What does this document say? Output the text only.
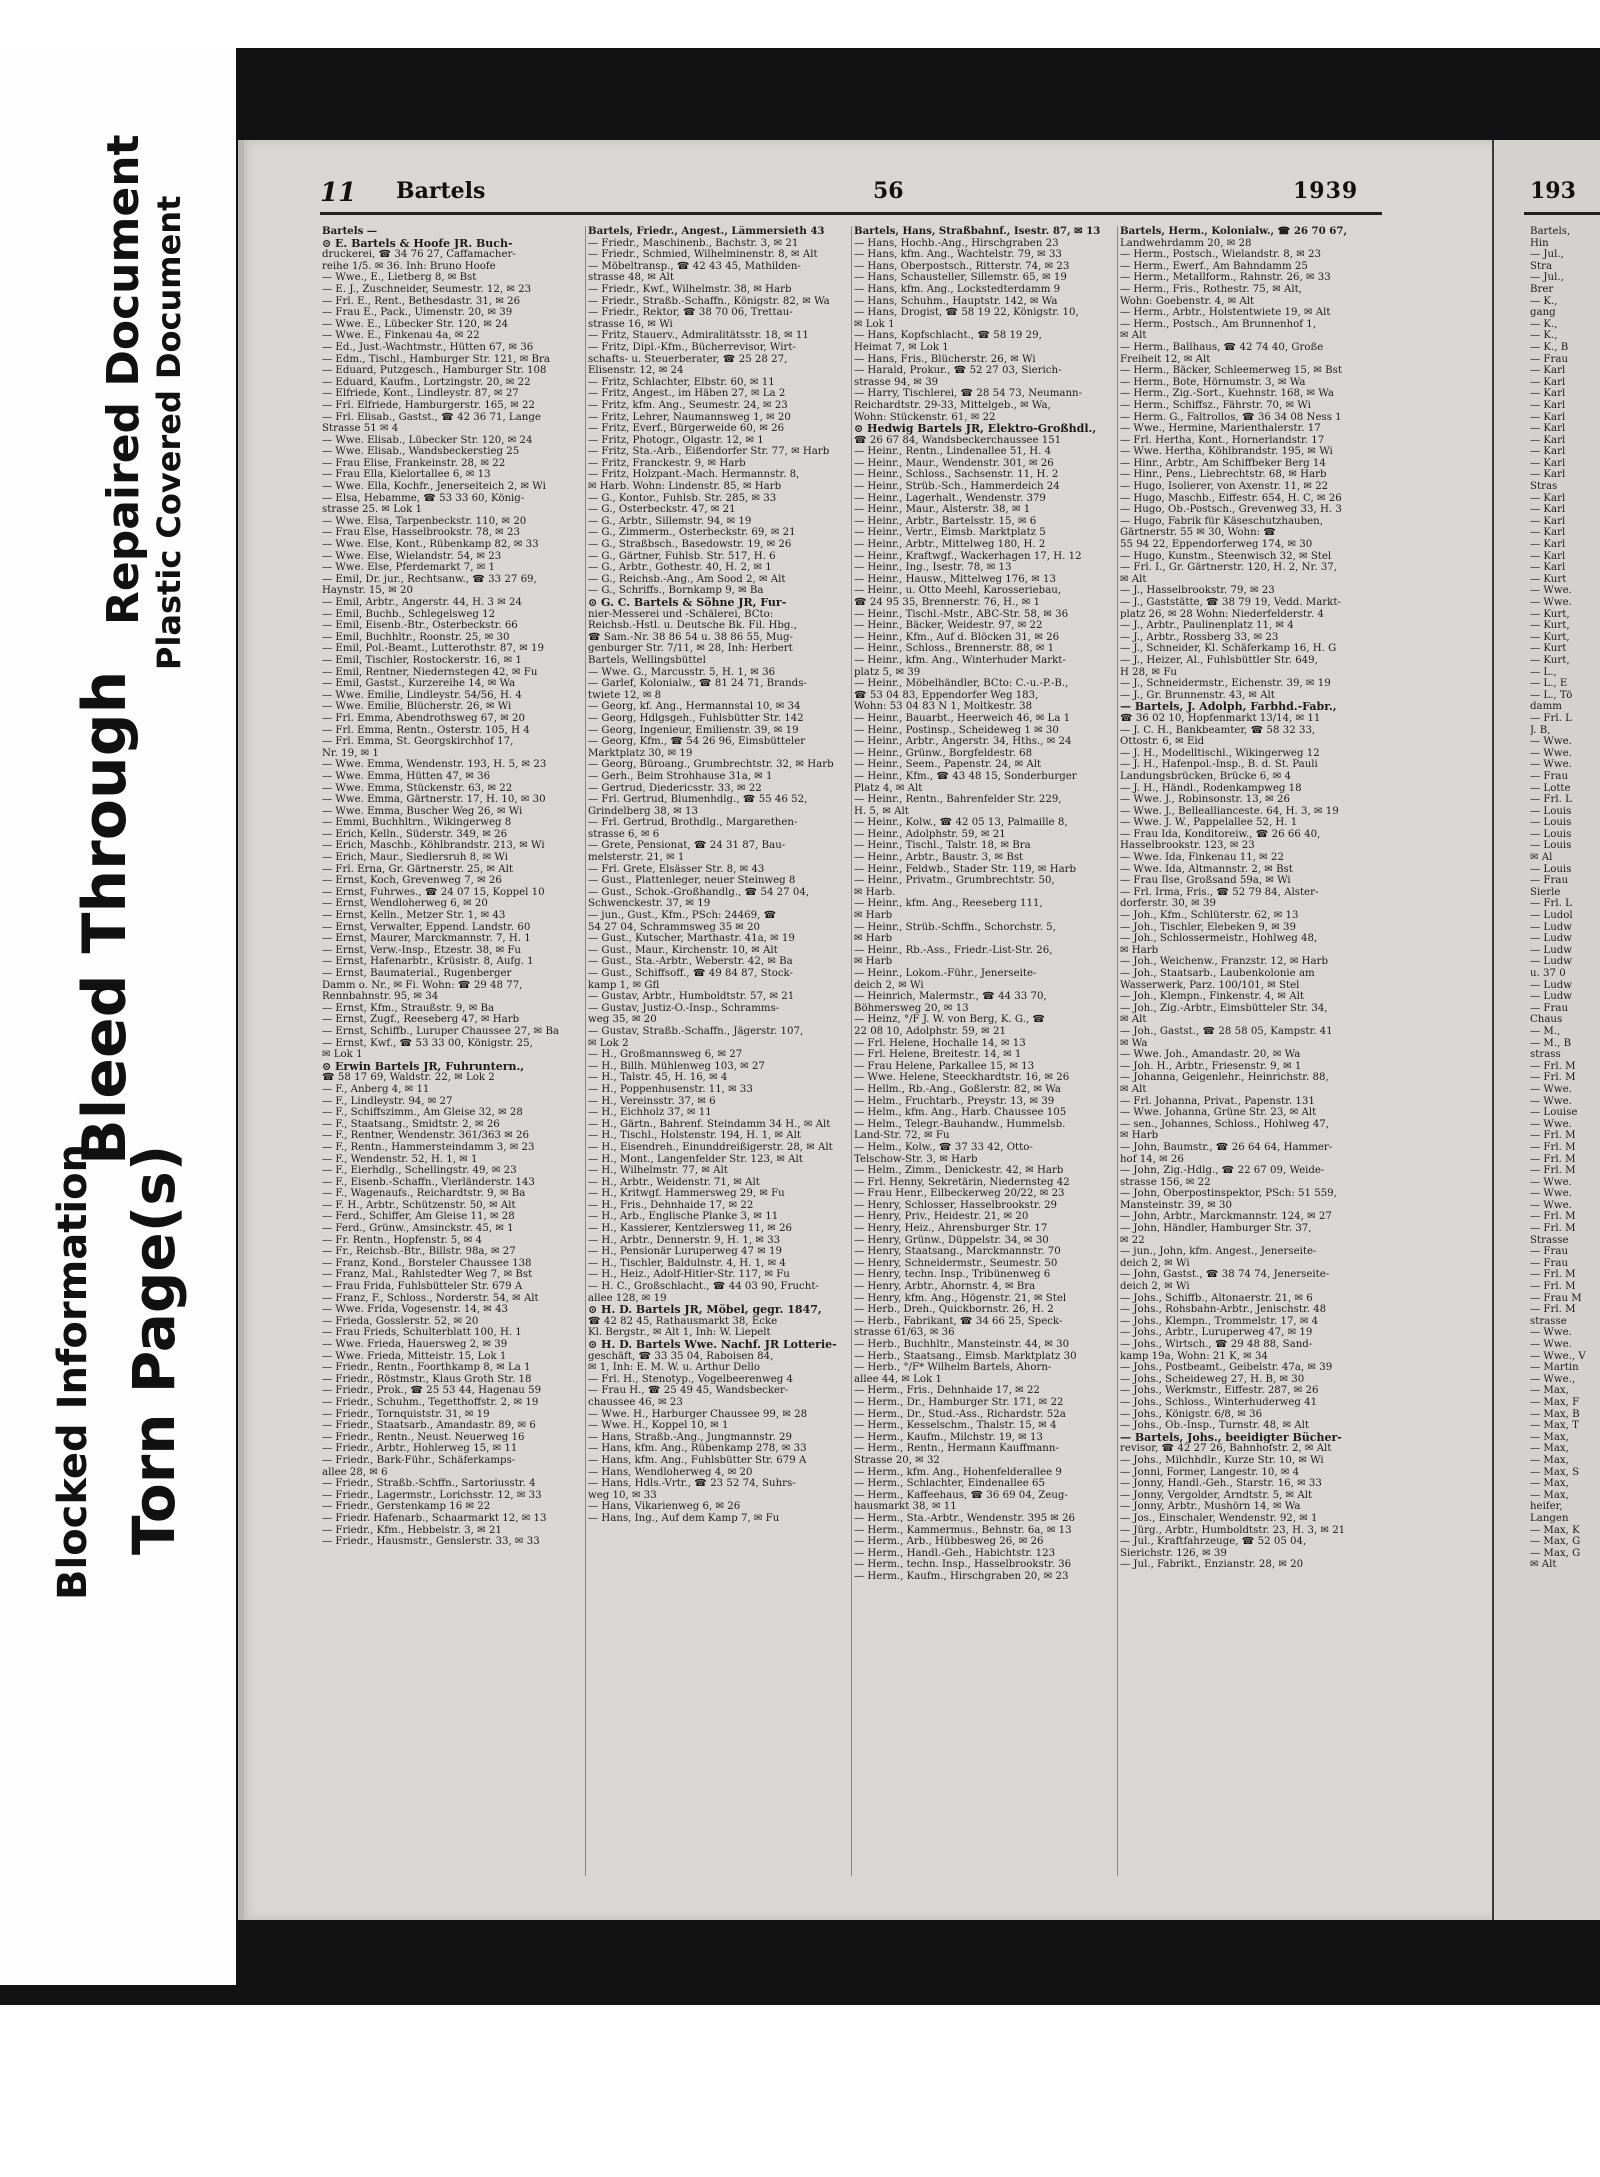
Blocked Information Torn Page(s)
Bleed Through
Repaired Document Plastic Covered Document
11 Bartels	56	1939
Bartels —
⊙ E. Bartels & Hoofe JR. Buch-
druckerei, ☎ 34 76 27, Caffamacher-
reihe 1/5. ✉ 36. Inh: Bruno Hoofe
— Wwe., E., Lietberg 8, ✉ Bst
— E. J., Zuschneider, Seumestr. 12, ✉ 23
— Frl. E., Rent., Bethesdastr. 31, ✉ 26
— Frau E., Pack., Uimenstr. 20, ✉ 39
— Wwe. E., Lübecker Str. 120, ✉ 24
— Wwe. E., Finkenau 4a, ✉ 22
— Ed., Just.-Wachtmstr., Hütten 67, ✉ 36
— Edm., Tischl., Hamburger Str. 121, ✉ Bra
— Eduard, Putzgesch., Hamburger Str. 108
— Eduard, Kaufm., Lortzingstr. 20, ✉ 22
— Elfriede, Kont., Lindleystr. 87, ✉ 27
— Frl. Elfriede, Hamburgerstr. 165, ✉ 22
— Frl. Elisab., Gastst., ☎ 42 36 71, Lange
Strasse 51 ✉ 4
— Wwe. Elisab., Lübecker Str. 120, ✉ 24
— Wwe. Elisab., Wandsbeckerstieg 25
— Frau Elise, Frankeinstr. 28, ✉ 22
— Frau Ella, Kielortallee 6, ✉ 13
— Wwe. Ella, Kochfr., Jenerseiteich 2, ✉ Wi
— Elsa, Hebamme, ☎ 53 33 60, König-
strasse 25. ✉ Lok 1
— Wwe. Elsa, Tarpenbeckstr. 110, ✉ 20
— Frau Else, Hasselbrookstr. 78, ✉ 23
— Wwe. Else, Kont., Rübenkamp 82, ✉ 33
— Wwe. Else, Wielandstr. 54, ✉ 23
— Wwe. Else, Pferdemarkt 7, ✉ 1
— Emil, Dr. jur., Rechtsanw., ☎ 33 27 69,
Haynstr. 15, ✉ 20
— Emil, Arbtr., Angerstr. 44, H. 3 ✉ 24
— Emil, Buchb., Schlegelsweg 12
— Emil, Eisenb.-Btr., Osterbeckstr. 66
— Emil, Buchhltr., Roonstr. 25, ✉ 30
— Emil, Pol.-Beamt., Lutterothstr. 87, ✉ 19
— Emil, Tischler, Rostockerstr. 16, ✉ 1
— Emil, Rentner, Niedernstegen 42, ✉ Fu
— Emil, Gastst., Kurzereihe 14, ✉ Wa
— Wwe. Emilie, Lindleystr. 54/56, H. 4
— Wwe. Emilie, Blücherstr. 26, ✉ Wi
— Frl. Emma, Abendrothsweg 67, ✉ 20
— Frl. Emma, Rentn., Osterstr. 105, H 4
— Frl. Emma, St. Georgskirchhof 17,
Nr. 19, ✉ 1
— Wwe. Emma, Wendenstr. 193, H. 5, ✉ 23
— Wwe. Emma, Hütten 47, ✉ 36
— Wwe. Emma, Stückenstr. 63, ✉ 22
— Wwe. Emma, Gärtnerstr. 17, H. 10, ✉ 30
— Wwe. Emma, Buscher Weg 26, ✉ Wi
— Emmi, Buchhltrn., Wikingerweg 8
— Erich, Kelln., Süderstr. 349, ✉ 26
— Erich, Maschb., Köhlbrandstr. 213, ✉ Wi
— Erich, Maur., Siedlersruh 8, ✉ Wi
— Frl. Erna, Gr. Gärtnerstr. 25, ✉ Alt
— Ernst, Koch, Grevenweg 7, ✉ 26
— Ernst, Fuhrwes., ☎ 24 07 15, Koppel 10
— Ernst, Wendloherweg 6, ✉ 20
— Ernst, Kelln., Metzer Str. 1, ✉ 43
— Ernst, Verwalter, Eppend. Landstr. 60
— Ernst, Maurer, Marckmannstr. 7, H. 1
— Ernst, Verw.-Insp., Etzestr. 38, ✉ Fu
— Ernst, Hafenarbtr., Krüsistr. 8, Aufg. 1
— Ernst, Baumaterial., Rugenberger
Damm o. Nr., ✉ Fi. Wohn: ☎ 29 48 77,
Rennbahnstr. 95, ✉ 34
— Ernst, Kfm., Straußstr. 9, ✉ Ba
— Ernst, Zugf., Reeseberg 47, ✉ Harb
— Ernst, Schiffb., Luruper Chaussee 27, ✉ Ba
— Ernst, Kwf., ☎ 53 33 00, Königstr. 25,
✉ Lok 1
⊙ Erwin Bartels JR, Fuhruntern.,
☎ 58 17 69, Waldstr. 22, ✉ Lok 2
— F., Anberg 4, ✉ 11
— F., Lindleystr. 94, ✉ 27
— F., Schiffszimm., Am Gleise 32, ✉ 28
— F., Staatsang., Smidtstr. 2, ✉ 26
— F., Rentner, Wendenstr. 361/363 ✉ 26
— F., Rentn., Hammersteindamm 3, ✉ 23
— F., Wendenstr. 52, H. 1, ✉ 1
— F., Eierhdlg., Schellingstr. 49, ✉ 23
— F., Eisenb.-Schaffn., Vierländerstr. 143
— F., Wagenaufs., Reichardtstr. 9, ✉ Ba
— F. H., Arbtr., Schützenstr. 50, ✉ Alt
— Ferd., Schiffer, Am Gleise 11, ✉ 28
— Ferd., Grünw., Amsinckstr. 45, ✉ 1
— Fr. Rentn., Hopfenstr. 5, ✉ 4
— Fr., Reichsb.-Btr., Billstr. 98a, ✉ 27
— Franz, Kond., Borsteler Chaussee 138
— Franz, Mal., Rahlstedter Weg 7, ✉ Bst
— Frau Frida, Fuhlsbütteler Str. 679 A
— Franz, F., Schloss., Norderstr. 54, ✉ Alt
— Wwe. Frida, Vogesenstr. 14, ✉ 43
— Frieda, Gosslerstr. 52, ✉ 20
— Frau Frieds, Schulterblatt 100, H. 1
— Wwe. Frieda, Hauersweg 2, ✉ 39
— Wwe. Frieda, Mitteistr. 15, Lok 1
— Friedr., Rentn., Foorthkamp 8, ✉ La 1
— Friedr., Röstmstr., Klaus Groth Str. 18
— Friedr., Prok., ☎ 25 53 44, Hagenau 59
— Friedr., Schuhm., Tegetthoffstr. 2, ✉ 19
— Friedr., Tornquiststr. 31, ✉ 19
— Friedr., Staatsarb., Amandastr. 89, ✉ 6
— Friedr., Rentn., Neust. Neuerweg 16
— Friedr., Arbtr., Hohlerweg 15, ✉ 11
— Friedr., Bark-Führ., Schäferkamps-
allee 28, ✉ 6
— Friedr., Straßb.-Schffn., Sartoriusstr. 4
— Friedr., Lagermstr., Lorichsstr. 12, ✉ 33
— Friedr., Gerstenkamp 16 ✉ 22
— Friedr. Hafenarb., Schaarmarkt 12, ✉ 13
— Friedr., Kfm., Hebbelstr. 3, ✉ 21
— Friedr., Hausmstr., Genslerstr. 33, ✉ 33
Bartels, Friedr., Angest., Lämmersieth 43
— Friedr., Maschinenb., Bachstr. 3, ✉ 21
— Friedr., Schmied, Wilhelminenstr. 8, ✉ Alt
— Möbeltransp., ☎ 42 43 45, Mathilden-
strasse 48, ✉ Alt
— Friedr., Kwf., Wilhelmstr. 38, ✉ Harb
— Friedr., Straßb.-Schaffn., Königstr. 82, ✉ Wa
— Friedr., Rektor, ☎ 38 70 06, Trettau-
strasse 16, ✉ Wi
— Fritz, Stauerv., Admiralitätsstr. 18, ✉ 11
— Fritz, Dipl.-Kfm., Bücherrevisor, Wirt-
schafts- u. Steuerberater, ☎ 25 28 27,
Elisenstr. 12, ✉ 24
— Fritz, Schlachter, Elbstr. 60, ✉ 11
— Fritz, Angest., im Häben 27, ✉ La 2
— Fritz, kfm. Ang., Seumestr. 24, ✉ 23
— Fritz, Lehrer, Naumannsweg 1, ✉ 20
— Fritz, Everf., Bürgerweide 60, ✉ 26
— Fritz, Photogr., Olgastr. 12, ✉ 1
— Fritz, Sta.-Arb., Eißendorfer Str. 77, ✉ Harb
— Fritz, Franckestr. 9, ✉ Harb
— Fritz, Holzpant.-Mach. Hermannstr. 8,
✉ Harb. Wohn: Lindenstr. 85, ✉ Harb
— G., Kontor., Fuhlsb. Str. 285, ✉ 33
— G., Osterbeckstr. 47, ✉ 21
— G., Arbtr., Sillemstr. 94, ✉ 19
— G., Zimmerm., Osterbeckstr. 69, ✉ 21
— G., Straßbsch., Basedowstr. 19, ✉ 26
— G., Gärtner, Fuhlsb. Str. 517, H. 6
— G., Arbtr., Gothestr. 40, H. 2, ✉ 1
— G., Reichsb.-Ang., Am Sood 2, ✉ Alt
— G., Schriffs., Bornkamp 9, ✉ Ba
⊙ G. C. Bartels & Söhne JR, Fur-
nier-Messerei und -Schälerei, BCto:
Reichsb.-Hstl. u. Deutsche Bk. Fil. Hbg.,
☎ Sam.-Nr. 38 86 54 u. 38 86 55, Mug-
genburger Str. 7/11, ✉ 28, Inh: Herbert
Bartels, Wellingsbüttel
— Wwe. G., Marcusstr. 5, H. 1, ✉ 36
— Garlef, Kolonialw., ☎ 81 24 71, Brands-
twiete 12, ✉ 8
— Georg, kf. Ang., Hermannstal 10, ✉ 34
— Georg, Hdlgsgeh., Fuhlsbütter Str. 142
— Georg, Ingenieur, Emilienstr. 39, ✉ 19
— Georg, Kfm., ☎ 54 26 96, Eimsbütteler
Marktplatz 30, ✉ 19
— Georg, Büroang., Grumbrechtstr. 32, ✉ Harb
— Gerh., Beim Strohhause 31a, ✉ 1
— Gertrud, Diedericsstr. 33, ✉ 22
— Frl. Gertrud, Blumenhdlg., ☎ 55 46 52,
Grindelberg 38, ✉ 13
— Frl. Gertrud, Brothdlg., Margarethen-
strasse 6, ✉ 6
— Grete, Pensionat, ☎ 24 31 87, Bau-
melsterstr. 21, ✉ 1
— Frl. Grete, Elsässer Str. 8, ✉ 43
— Gust., Plattenleger, neuer Steinweg 8
— Gust., Schok.-Großhandlg., ☎ 54 27 04,
Schwenckestr. 37, ✉ 19
— jun., Gust., Kfm., PSch: 24469, ☎
54 27 04, Schrammsweg 35 ✉ 20
— Gust., Kutscher, Marthastr. 41a, ✉ 19
— Gust., Maur., Kirchenstr. 10, ✉ Alt
— Gust., Sta.-Arbtr., Weberstr. 42, ✉ Ba
— Gust., Schiffsoff., ☎ 49 84 87, Stock-
kamp 1, ✉ Gfl
— Gustav, Arbtr., Humboldtstr. 57, ✉ 21
— Gustav, Justiz-O.-Insp., Schramms-
weg 35, ✉ 20
— Gustav, Straßb.-Schaffn., Jägerstr. 107,
✉ Lok 2
— H., Großmannsweg 6, ✉ 27
— H., Billh. Mühlenweg 103, ✉ 27
— H., Talstr. 45, H. 16, ✉ 4
— H., Poppenhusenstr. 11, ✉ 33
— H., Vereinsstr. 37, ✉ 6
— H., Eichholz 37, ✉ 11
— H., Gärtn., Bahrenf. Steindamm 34 H., ✉ Alt
— H., Tischl., Holstenstr. 194, H. 1, ✉ Alt
— H., Eisendreh., Einunddreißigerstr. 28, ✉ Alt
— H., Mont., Langenfelder Str. 123, ✉ Alt
— H., Wilhelmstr. 77, ✉ Alt
— H., Arbtr., Weidenstr. 71, ✉ Alt
— H., Kritwgf. Hammersweg 29, ✉ Fu
— H., Fris., Dehnhaide 17, ✉ 22
— H., Arb., Englische Planke 3, ✉ 11
— H., Kassierer, Kentzlersweg 11, ✉ 26
— H., Arbtr., Dennerstr. 9, H. 1, ✉ 33
— H., Pensionär Luruperweg 47 ✉ 19
— H., Tischler, Baldulnstr. 4, H. 1, ✉ 4
— H., Heiz., Adolf-Hitler-Str. 117, ✉ Fu
— H. C., Großschlacht., ☎ 44 03 90, Frucht-
allee 128, ✉ 19
⊙ H. D. Bartels JR, Möbel, gegr. 1847,
☎ 42 82 45, Rathausmarkt 38, Ecke
Kl. Bergstr., ✉ Alt 1, Inh: W. Liepelt
⊙ H. D. Bartels Wwe. Nachf. JR Lotterie-
geschäft, ☎ 33 35 04, Raboisen 84,
✉ 1, Inh: E. M. W. u. Arthur Dello
— Frl. H., Stenotyp., Vogelbeerenweg 4
— Frau H., ☎ 25 49 45, Wandsbecker-
chaussee 46, ✉ 23
— Wwe. H., Harburger Chaussee 99, ✉ 28
— Wwe. H., Koppel 10, ✉ 1
— Hans, Straßb.-Ang., Jungmannstr. 29
— Hans, kfm. Ang., Rübenkamp 278, ✉ 33
— Hans, kfm. Ang., Fuhlsbütter Str. 679 A
— Hans, Wendloherweg 4, ✉ 20
— Hans, Hdls.-Vrtr., ☎ 23 52 74, Suhrs-
weg 10, ✉ 33
— Hans, Vikarienweg 6, ✉ 26
— Hans, Ing., Auf dem Kamp 7, ✉ Fu
Bartels, Hans, Straßbahnf., Isestr. 87, ✉ 13
— Hans, Hochb.-Ang., Hirschgraben 23
— Hans, kfm. Ang., Wachtelstr. 79, ✉ 33
— Hans, Oberpostsch., Ritterstr. 74, ✉ 23
— Hans, Schausteller, Sillemstr. 65, ✉ 19
— Hans, kfm. Ang., Lockstedterdamm 9
— Hans, Schuhm., Hauptstr. 142, ✉ Wa
— Hans, Drogist, ☎ 58 19 22, Königstr. 10,
✉ Lok 1
— Hans, Kopfschlacht., ☎ 58 19 29,
Heimat 7, ✉ Lok 1
— Hans, Fris., Blücherstr. 26, ✉ Wi
— Harald, Prokur., ☎ 52 27 03, Sierich-
strasse 94, ✉ 39
— Harry, Tischlerei, ☎ 28 54 73, Neumann-
Reichardtstr. 29-33, Mittelgeb., ✉ Wa,
Wohn: Stückenstr. 61, ✉ 22
⊙ Hedwig Bartels JR, Elektro-Großhdl.,
☎ 26 67 84, Wandsbeckerchaussee 151
— Heinr., Rentn., Lindenallee 51, H. 4
— Heinr., Maur., Wendenstr. 301, ✉ 26
— Heinr., Schloss., Sachsenstr. 11, H. 2
— Heinr., Strüb.-Sch., Hammerdeich 24
— Heinr., Lagerhalt., Wendenstr. 379
— Heinr., Maur., Alsterstr. 38, ✉ 1
— Heinr., Arbtr., Bartelsstr. 15, ✉ 6
— Heinr., Vertr., Eimsb. Marktplatz 5
— Heinr., Arbtr., Mittelweg 180, H. 2
— Heinr., Kraftwgf., Wackerhagen 17, H. 12
— Heinr., Ing., Isestr. 78, ✉ 13
— Heinr., Hausw., Mittelweg 176, ✉ 13
— Heinr., u. Otto Meehl, Karosseriebau,
☎ 24 95 35, Brennerstr. 76, H., ✉ 1
— Heinr., Tischl.-Mstr., ABC-Str. 58, ✉ 36
— Heinr., Bäcker, Weidestr. 97, ✉ 22
— Heinr., Kfm., Auf d. Blöcken 31, ✉ 26
— Heinr., Schloss., Brennerstr. 88, ✉ 1
— Heinr., kfm. Ang., Winterhuder Markt-
platz 5, ✉ 39
— Heinr., Möbelhändler, BCto: C.-u.-P.-B.,
☎ 53 04 83, Eppendorfer Weg 183,
Wohn: 53 04 83 N 1, Moltkestr. 38
— Heinr., Bauarbt., Heerweich 46, ✉ La 1
— Heinr., Postinsp., Scheideweg 1 ✉ 30
— Heinr., Arbtr., Angerstr. 34, Hths., ✉ 24
— Heinr., Grünw., Borgfeldestr. 68
— Heinr., Seem., Papenstr. 24, ✉ Alt
— Heinr., Kfm., ☎ 43 48 15, Sonderburger
Platz 4, ✉ Alt
— Heinr., Rentn., Bahrenfelder Str. 229,
H. 5, ✉ Alt
— Heinr., Kolw., ☎ 42 05 13, Palmaille 8,
— Heinr., Adolphstr. 59, ✉ 21
— Heinr., Tischl., Talstr. 18, ✉ Bra
— Heinr., Arbtr., Baustr. 3, ✉ Bst
— Heinr., Feldwb., Stader Str. 119, ✉ Harb
— Heinr., Privatm., Grumbrechtstr. 50,
✉ Harb.
— Heinr., kfm. Ang., Reeseberg 111,
✉ Harb
— Heinr., Strüb.-Schffn., Schorchstr. 5,
✉ Harb
— Heinr., Rb.-Ass., Friedr.-List-Str. 26,
✉ Harb
— Heinr., Lokom.-Führ., Jenerseite-
deich 2, ✉ Wi
— Heinrich, Malermstr., ☎ 44 33 70,
Böhmersweg 20, ✉ 13
— Heinz, °/F J. W. von Berg, K. G., ☎
22 08 10, Adolphstr. 59, ✉ 21
— Frl. Helene, Hochalle 14, ✉ 13
— Frl. Helene, Breitestr. 14, ✉ 1
— Frau Helene, Parkallee 15, ✉ 13
— Wwe. Helene, Steeckhardtstr. 16, ✉ 26
— Hellm., Rb.-Ang., Goßlerstr. 82, ✉ Wa
— Helm., Fruchtarb., Preystr. 13, ✉ 39
— Helm., kfm. Ang., Harb. Chaussee 105
— Helm., Telegr.-Bauhandw., Hummelsb.
Land-Str. 72, ✉ Fu
— Helm., Kolw., ☎ 37 33 42, Otto-
Telschow-Str. 3, ✉ Harb
— Helm., Zimm., Denickestr. 42, ✉ Harb
— Frl. Henny, Sekretärin, Niedernsteg 42
— Frau Henr., Eilbeckerweg 20/22, ✉ 23
— Henry, Schlosser, Hasselbrookstr. 29
— Henry, Priv., Heidestr. 21, ✉ 20
— Henry, Heiz., Ahrensburger Str. 17
— Henry, Grünw., Düppelstr. 34, ✉ 30
— Henry, Staatsang., Marckmannstr. 70
— Henry, Schneidermstr., Seumestr. 50
— Henry, techn. Insp., Tribünenweg 6
— Henry, Arbtr., Ahornstr. 4, ✉ Bra
— Henry, kfm. Ang., Högenstr. 21, ✉ Stel
— Herb., Dreh., Quickbornstr. 26, H. 2
— Herb., Fabrikant, ☎ 34 66 25, Speck-
strasse 61/63, ✉ 36
— Herb., Buchhltr., Mansteinstr. 44, ✉ 30
— Herb., Staatsang., Eimsb. Marktplatz 30
— Herb., °/F* Wilhelm Bartels, Ahorn-
allee 44, ✉ Lok 1
— Herm., Fris., Dehnhaide 17, ✉ 22
— Herm., Dr., Hamburger Str. 171, ✉ 22
— Herm., Dr., Stud.-Ass., Richardstr. 52a
— Herm., Kesselschm., Thalstr. 15, ✉ 4
— Herm., Kaufm., Milchstr. 19, ✉ 13
— Herm., Rentn., Hermann Kauffmann-
Strasse 20, ✉ 32
— Herm., kfm. Ang., Hohenfelderallee 9
— Herm., Schlachter, Eindenallee 65
— Herm., Kaffeehaus, ☎ 36 69 04, Zeug-
hausmarkt 38, ✉ 11
— Herm., Sta.-Arbtr., Wendenstr. 395 ✉ 26
— Herm., Kammermus., Behnstr. 6a, ✉ 13
— Herm., Arb., Hübbesweg 26, ✉ 26
— Herm., Handl.-Geh., Habichtstr. 123
— Herm., techn. Insp., Hasselbrookstr. 36
— Herm., Kaufm., Hirschgraben 20, ✉ 23
Bartels, Herm., Kolonialw., ☎ 26 70 67,
Landwehrdamm 20, ✉ 28
— Herm., Postsch., Wielandstr. 8, ✉ 23
— Herm., Ewerf., Am Bahndamm 25
— Herm., Metallform., Rahnstr. 26, ✉ 33
— Herm., Fris., Rothestr. 75, ✉ Alt,
Wohn: Goebenstr. 4, ✉ Alt
— Herm., Arbtr., Holstentwiete 19, ✉ Alt
— Herm., Postsch., Am Brunnenhof 1,
✉ Alt
— Herm., Ballhaus, ☎ 42 74 40, Große
Freiheit 12, ✉ Alt
— Herm., Bäcker, Schleemerweg 15, ✉ Bst
— Herm., Bote, Hörnumstr. 3, ✉ Wa
— Herm., Zig.-Sort., Kuehnstr. 168, ✉ Wa
— Herm., Schiffsz., Fährstr. 70, ✉ Wi
— Herm. G., Faltrollos, ☎ 36 34 08 Ness 1
— Wwe., Hermine, Marienthalerstr. 17
— Frl. Hertha, Kont., Hornerlandstr. 17
— Wwe. Hertha, Köhlbrandstr. 195, ✉ Wi
— Hinr., Arbtr., Am Schiffbeker Berg 14
— Hinr., Pens., Liebrechtstr. 68, ✉ Harb
— Hugo, Isolierer, von Axenstr. 11, ✉ 22
— Hugo, Maschb., Eiffestr. 654, H. C, ✉ 26
— Hugo, Ob.-Postsch., Grevenweg 33, H. 3
— Hugo, Fabrik für Käseschutzhauben,
Gärtnerstr. 55 ✉ 30, Wohn: ☎
55 94 22, Eppendorferweg 174, ✉ 30
— Hugo, Kunstm., Steenwisch 32, ✉ Stel
— Frl. I., Gr. Gärtnerstr. 120, H. 2, Nr. 37,
✉ Alt
— J., Hasselbrookstr. 79, ✉ 23
— J., Gaststätte, ☎ 38 79 19, Vedd. Markt-
platz 26, ✉ 28 Wohn: Niederfelderstr. 4
— J., Arbtr., Paulinenplatz 11, ✉ 4
— J., Arbtr., Rossberg 33, ✉ 23
— J., Schneider, Kl. Schäferkamp 16, H. G
— J., Heizer, Al., Fuhlsbüttler Str. 649,
H 28, ✉ Fu
— J., Schneidermstr., Eichenstr. 39, ✉ 19
— J., Gr. Brunnenstr. 43, ✉ Alt
— Bartels, J. Adolph, Farbhd.-Fabr.,
☎ 36 02 10, Hopfenmarkt 13/14, ✉ 11
— J. C. H., Bankbeamter, ☎ 58 32 33,
Ottostr. 6, ✉ Eid
— J. H., Modelltischl., Wikingerweg 12
— J. H., Hafenpol.-Insp., B. d. St. Pauli
Landungsbrücken, Brücke 6, ✉ 4
— J. H., Händl., Rodenkampweg 18
— Wwe. J., Robinsonstr. 13, ✉ 26
— Wwe. J., Belleallianceste. 64, H. 3, ✉ 19
— Wwe. J. W., Pappelallee 52, H. 1
— Frau Ida, Konditoreiw., ☎ 26 66 40,
Hasselbrookstr. 123, ✉ 23
— Wwe. Ida, Finkenau 11, ✉ 22
— Wwe. Ida, Altmannstr. 2, ✉ Bst
— Frau Ilse, Großsand 59a, ✉ Wi
— Frl. Irma, Fris., ☎ 52 79 84, Alster-
dorferstr. 30, ✉ 39
— Joh., Kfm., Schlüterstr. 62, ✉ 13
— Joh., Tischler, Elebeken 9, ✉ 39
— Joh., Schlossermeistr., Hohlweg 48,
✉ Harb
— Joh., Weichenw., Franzstr. 12, ✉ Harb
— Joh., Staatsarb., Laubenkolonie am
Wasserwerk, Parz. 100/101, ✉ Stel
— Joh., Klempn., Finkenstr. 4, ✉ Alt
— Joh., Zig.-Arbtr., Eimsbütteler Str. 34,
✉ Alt
— Joh., Gastst., ☎ 28 58 05, Kampstr. 41
✉ Wa
— Wwe. Joh., Amandastr. 20, ✉ Wa
— Joh. H., Arbtr., Friesenstr. 9, ✉ 1
— Johanna, Geigenlehr., Heinrichstr. 88,
✉ Alt
— Frl. Johanna, Privat., Papenstr. 131
— Wwe. Johanna, Grüne Str. 23, ✉ Alt
— sen., Johannes, Schloss., Hohlweg 47,
✉ Harb
— John, Baumstr., ☎ 26 64 64, Hammer-
hof 14, ✉ 26
— John, Zig.-Hdlg., ☎ 22 67 09, Weide-
strasse 156, ✉ 22
— John, Oberpostinspektor, PSch: 51 559,
Mansteinstr. 39, ✉ 30
— John, Arbtr., Marckmannstr. 124, ✉ 27
— John, Händler, Hamburger Str. 37,
✉ 22
— jun., John, kfm. Angest., Jenerseite-
deich 2, ✉ Wi
— John, Gastst., ☎ 38 74 74, Jenerseite-
deich 2, ✉ Wi
— Johs., Schiffb., Altonaerstr. 21, ✉ 6
— Johs., Rohsbahn-Arbtr., Jenischstr. 48
— Johs., Klempn., Trommelstr. 17, ✉ 4
— Johs., Arbtr., Luruperweg 47, ✉ 19
— Johs., Wirtsch., ☎ 29 48 88, Sand-
kamp 19a, Wohn: 21 K, ✉ 34
— Johs., Postbeamt., Geibelstr. 47a, ✉ 39
— Johs., Scheideweg 27, H. B, ✉ 30
— Johs., Werkmstr., Eiffestr. 287, ✉ 26
— Johs., Schloss., Winterhuderweg 41
— Johs., Königstr. 6/8, ✉ 36
— Johs., Ob.-Insp., Turnstr. 48, ✉ Alt
— Bartels, Johs., beeidigter Bücher-
revisor, ☎ 42 27 26, Bahnhofstr. 2, ✉ Alt
— Johs., Milchhdlr., Kurze Str. 10, ✉ Wi
— Jonni, Former, Langestr. 10, ✉ 4
— Jonny, Handl.-Geh., Starstr. 16, ✉ 33
— Jonny, Vergolder, Arndtstr. 5, ✉ Alt
— Jonny, Arbtr., Mushörn 14, ✉ Wa
— Jos., Einschaler, Wendenstr. 92, ✉ 1
— Jürg., Arbtr., Humboldtstr. 23, H. 3, ✉ 21
— Jul., Kraftfahrzeuge, ☎ 52 05 04,
Sierichstr. 126, ✉ 39
— Jul., Fabrikt., Enzianstr. 28, ✉ 20
193
Bartels,
Hin
— Jul.,
Stra
— Jul.,
Brer
— K.,
gang
— K.,
— K.,
— K., B
— Frau
— Karl
— Karl
— Karl
— Karl
— Karl
— Karl
— Karl
— Karl
— Karl
— Karl
Stras
— Karl
— Karl
— Karl
— Karl
— Karl
— Karl
— Karl
— Kurt
— Wwe.
— Wwe.
— Kurt,
— Kurt,
— Kurt,
— Kurt
— Kurt,
— L.,
— L., E
— L., Tö
damm
— Frl. L
J. B,
— Wwe.
— Wwe.
— Wwe.
— Frau
— Lotte
— Frl. L
— Louis
— Louis
— Louis
— Louis
✉ Al
— Louis
— Frau
Sierle
— Frl. L
— Ludol
— Ludw
— Ludw
— Ludw
— Ludw
u. 37 0
— Ludw
— Ludw
— Frau
Chaus
— M.,
— M., B
strass
— Frl. M
— Frl. M
— Wwe.
— Wwe.
— Louise
— Wwe.
— Frl. M
— Frl. M
— Frl. M
— Frl. M
— Wwe.
— Wwe.
— Wwe.
— Frl. M
— Frl. M
Strasse
— Frau
— Frau
— Frl. M
— Frl. M
— Frau M
— Frl. M
strasse
— Wwe.
— Wwe.
— Wwe., V
— Martin
— Wwe.,
— Max,
— Max, F
— Max, B
— Max, T
— Max,
— Max,
— Max,
— Max, S
— Max,
— Max,
heifer,
Langen
— Max, K
— Max, G
— Max, G
✉ Alt
